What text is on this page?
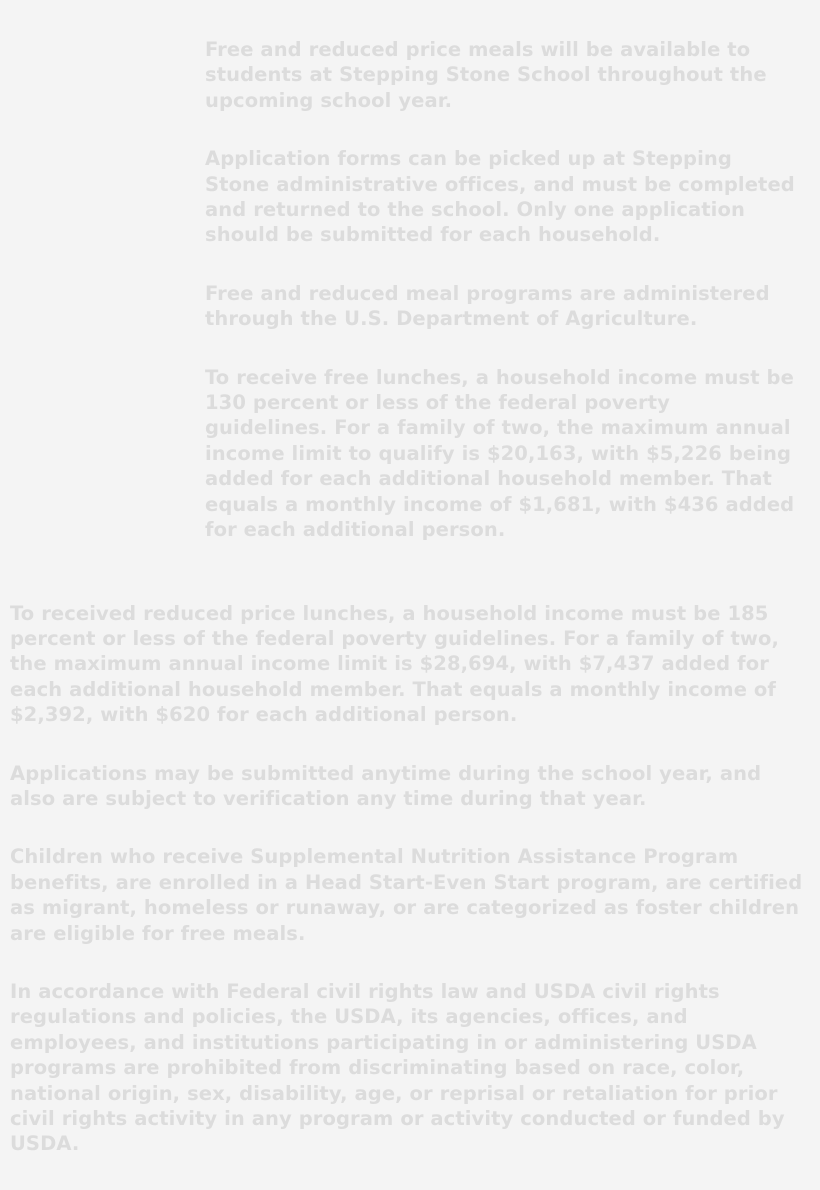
Free and reduced price meals will be available to students at Stepping Stone School throughout the upcoming school year.

Application forms can be picked up at Stepping Stone administrative offices, and must be completed and returned to the school. Only one application should be submitted for each household.

Free and reduced meal programs are administered through the U.S. Department of Agriculture.

To receive free lunches, a household income must be 130 percent or less of the federal poverty guidelines. For a family of two, the maximum annual income limit to qualify is $20,163, with $5,226 being added for each additional household member. That equals a monthly income of $1,681, with $436 added for each additional person.

To received reduced price lunches, a household income must be 185 percent or less of the federal poverty guidelines. For a family of two, the maximum annual income limit is $28,694, with $7,437 added for each additional household member. That equals a monthly income of $2,392, with $620 for each additional person.

Applications may be submitted anytime during the school year, and also are subject to verification any time during that year.

Children who receive Supplemental Nutrition Assistance Program benefits, are enrolled in a Head Start-Even Start program, are certified as migrant, homeless or runaway, or are categorized as foster children are eligible for free meals.

In accordance with Federal civil rights law and USDA civil rights regulations and policies, the USDA, its agencies, offices, and employees, and institutions participating in or administering USDA programs are prohibited from discriminating based on race, color, national origin, sex, disability, age, or reprisal or retaliation for prior civil rights activity in any program or activity conducted or funded by USDA.
